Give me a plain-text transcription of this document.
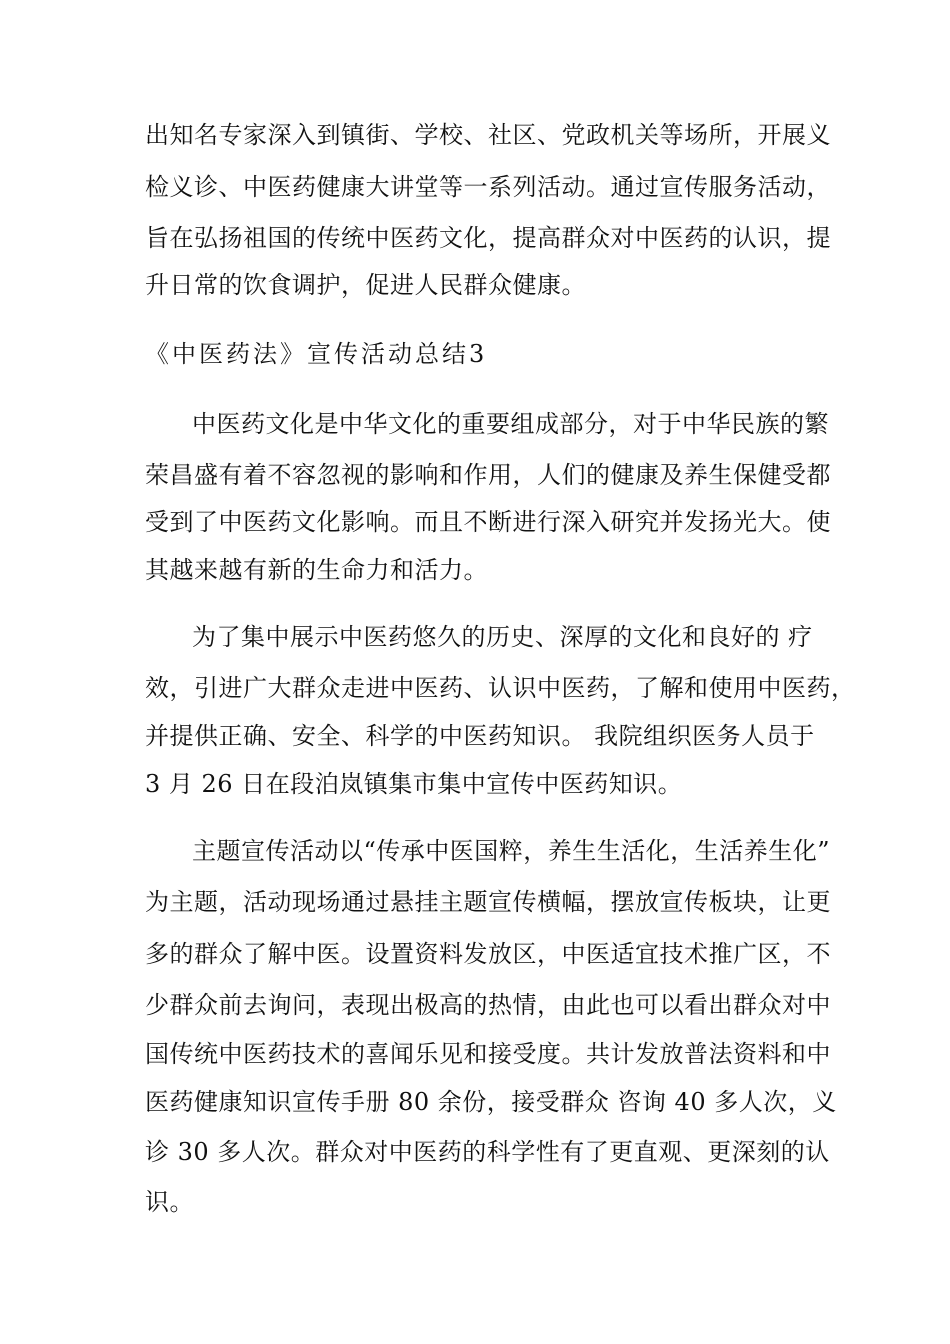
出知名专家深入到镇街、学校、社区、党政机关等场所，开展义
检义诊、中医药健康大讲堂等一系列活动。通过宣传服务活动，
旨在弘扬祖国的传统中医药文化，提高群众对中医药的认识，提
升日常的饮食调护，促进人民群众健康。
《中医药法》宣传活动总结3
中医药文化是中华文化的重要组成部分，对于中华民族的繁
荣昌盛有着不容忽视的影响和作用，人们的健康及养生保健受都
受到了中医药文化影响。而且不断进行深入研究并发扬光大。使
其越来越有新的生命力和活力。
为了集中展示中医药悠久的历史、深厚的文化和良好的 疗
效，引进广大群众走进中医药、认识中医药，了解和使用中医药，
并提供正确、安全、科学的中医药知识。 我院组织医务人员于
3 月 26 日在段泊岚镇集市集中宣传中医药知识。
主题宣传活动以“传承中医国粹，养生生活化，生活养生化”
为主题，活动现场通过悬挂主题宣传横幅，摆放宣传板块，让更
多的群众了解中医。设置资料发放区，中医适宜技术推广区，不
少群众前去询问，表现出极高的热情，由此也可以看出群众对中
国传统中医药技术的喜闻乐见和接受度。共计发放普法资料和中
医药健康知识宣传手册 80 余份，接受群众 咨询 40 多人次，义
诊 30 多人次。群众对中医药的科学性有了更直观、更深刻的认
识。
